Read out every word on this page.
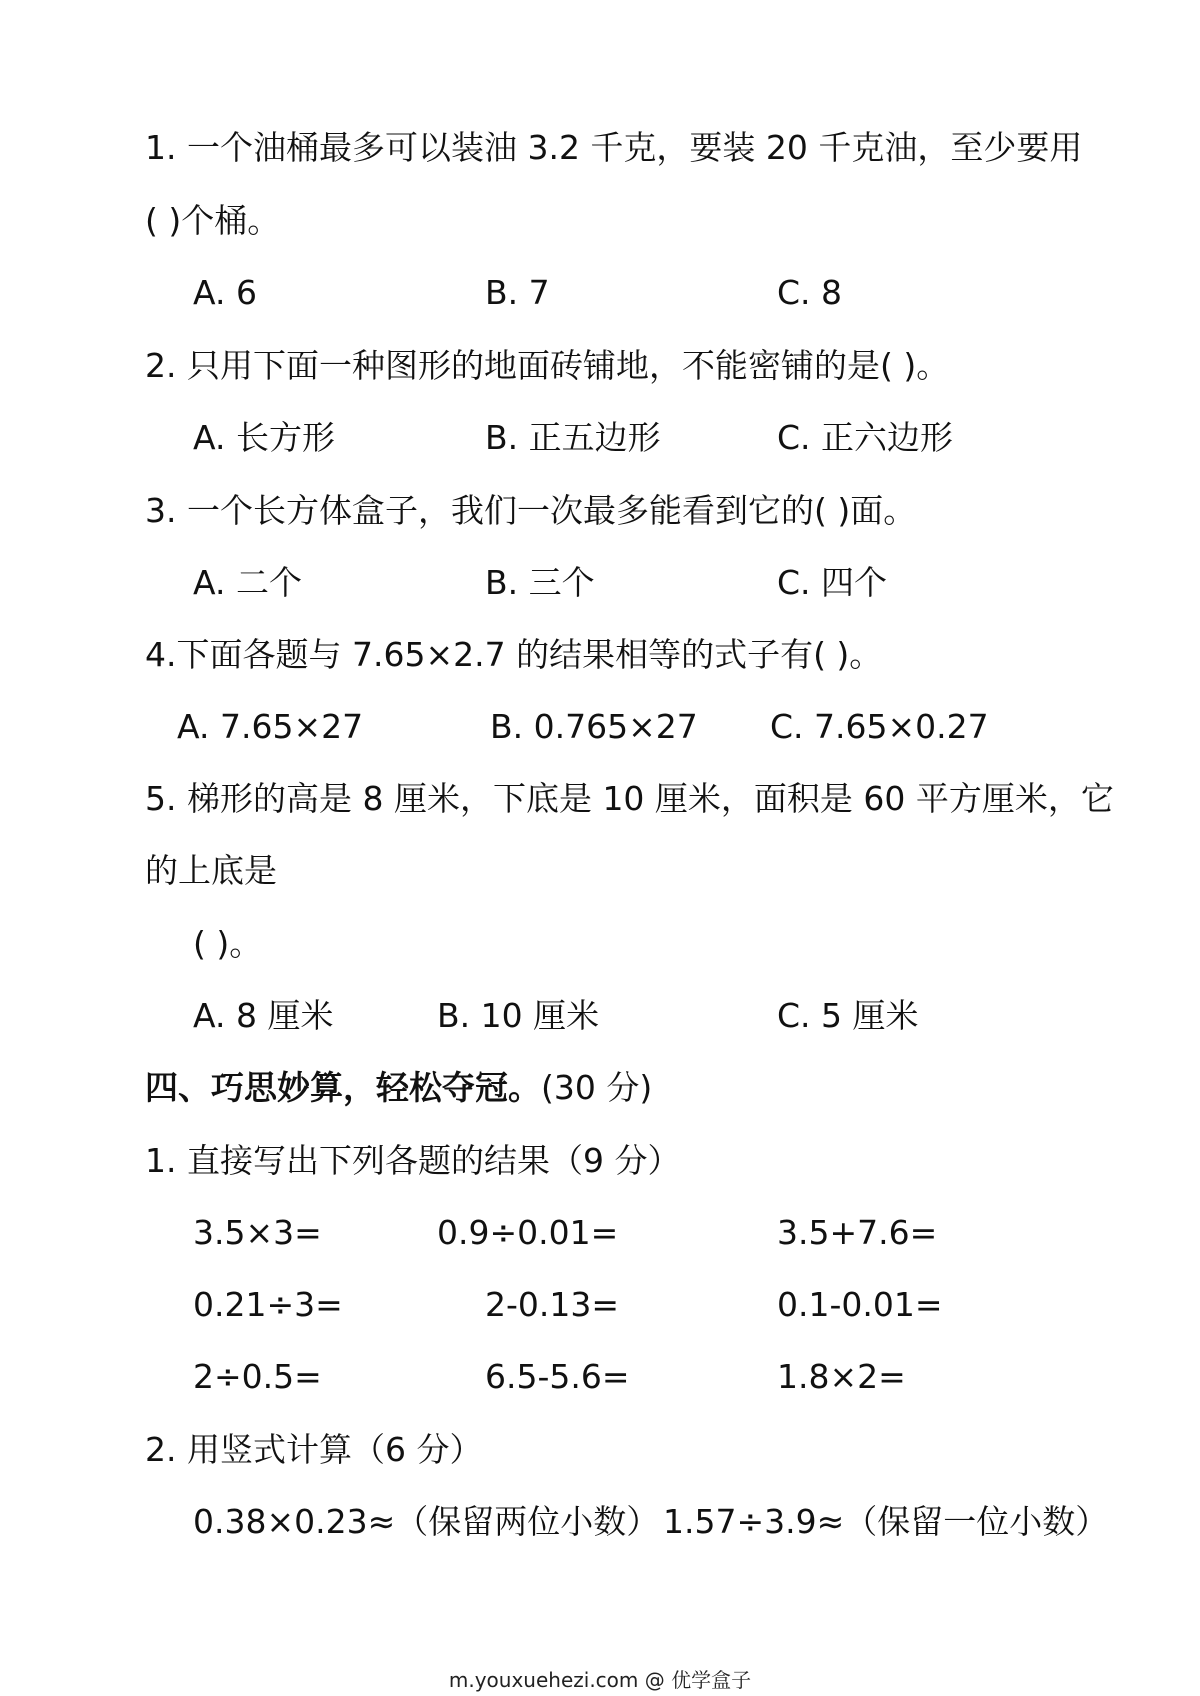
1. 一个油桶最多可以装油 3.2 千克，要装 20 千克油，至少要用
( )个桶。
A. 6	B. 7	C. 8
2. 只用下面一种图形的地面砖铺地，不能密铺的是( )。
A. 长方形	B. 正五边形	C. 正六边形
3. 一个长方体盒子，我们一次最多能看到它的( )面。
A. 二个	B. 三个	C. 四个
4.下面各题与 7.65×2.7 的结果相等的式子有( )。
A. 7.65×27	B. 0.765×27 C. 7.65×0.27
5. 梯形的高是 8 厘米，下底是 10 厘米，面积是 60 平方厘米，它
的上底是
( )。
A. 8 厘米	B. 10 厘米	C. 5 厘米
四、巧思妙算，轻松夺冠。(30 分)
1. 直接写出下列各题的结果（9 分）
3.5×3=	0.9÷0.01=	3.5+7.6=
0.21÷3=	2-0.13=	0.1-0.01=
2÷0.5=	6.5-5.6=	1.8×2=
2. 用竖式计算（6 分）
0.38×0.23≈（保留两位小数） 1.57÷3.9≈（保留一位小数）
m.youxuehezi.com @ 优学盒子
